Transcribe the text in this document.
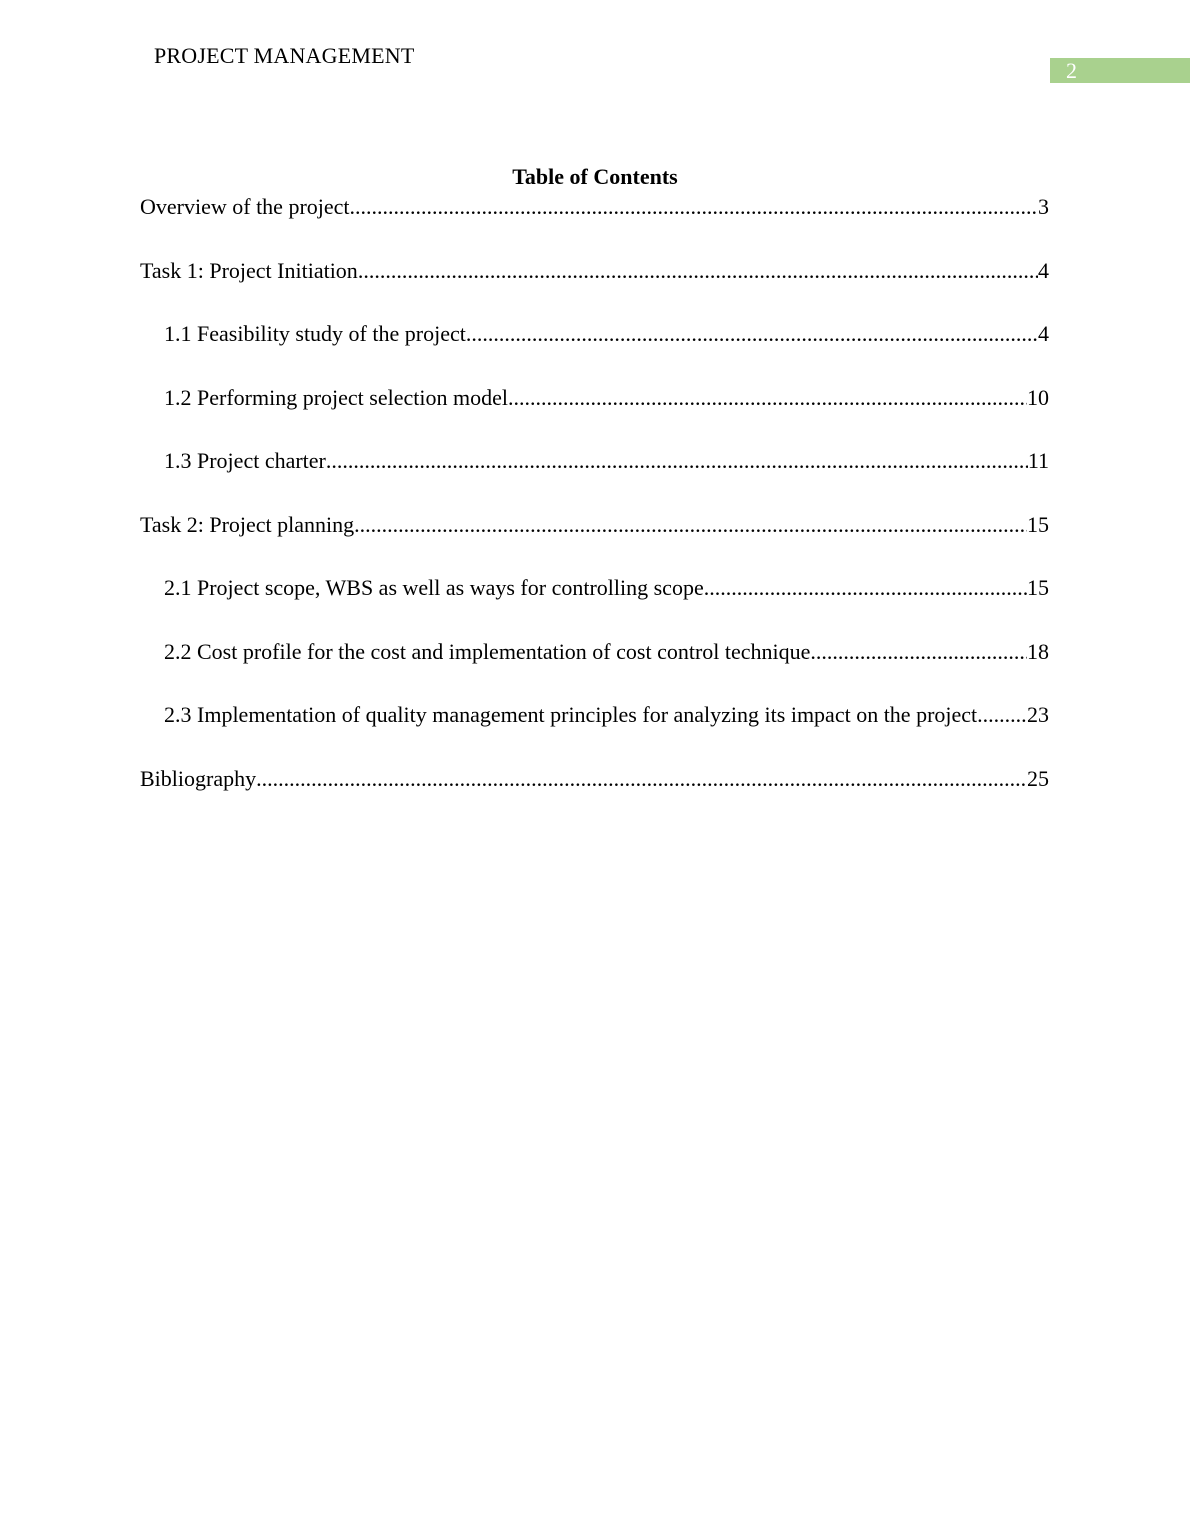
PROJECT MANAGEMENT
2
Table of Contents
Overview of the project .....	3
Task 1: Project Initiation .....	4
1.1 Feasibility study of the project .....	4
1.2 Performing project selection model .....	10
1.3 Project charter .....	11
Task 2: Project planning .....	15
2.1 Project scope, WBS as well as ways for controlling scope .....	15
2.2 Cost profile for the cost and implementation of cost control technique .....	18
2.3 Implementation of quality management principles for analyzing its impact on the project ..... 23
Bibliography .....	25
